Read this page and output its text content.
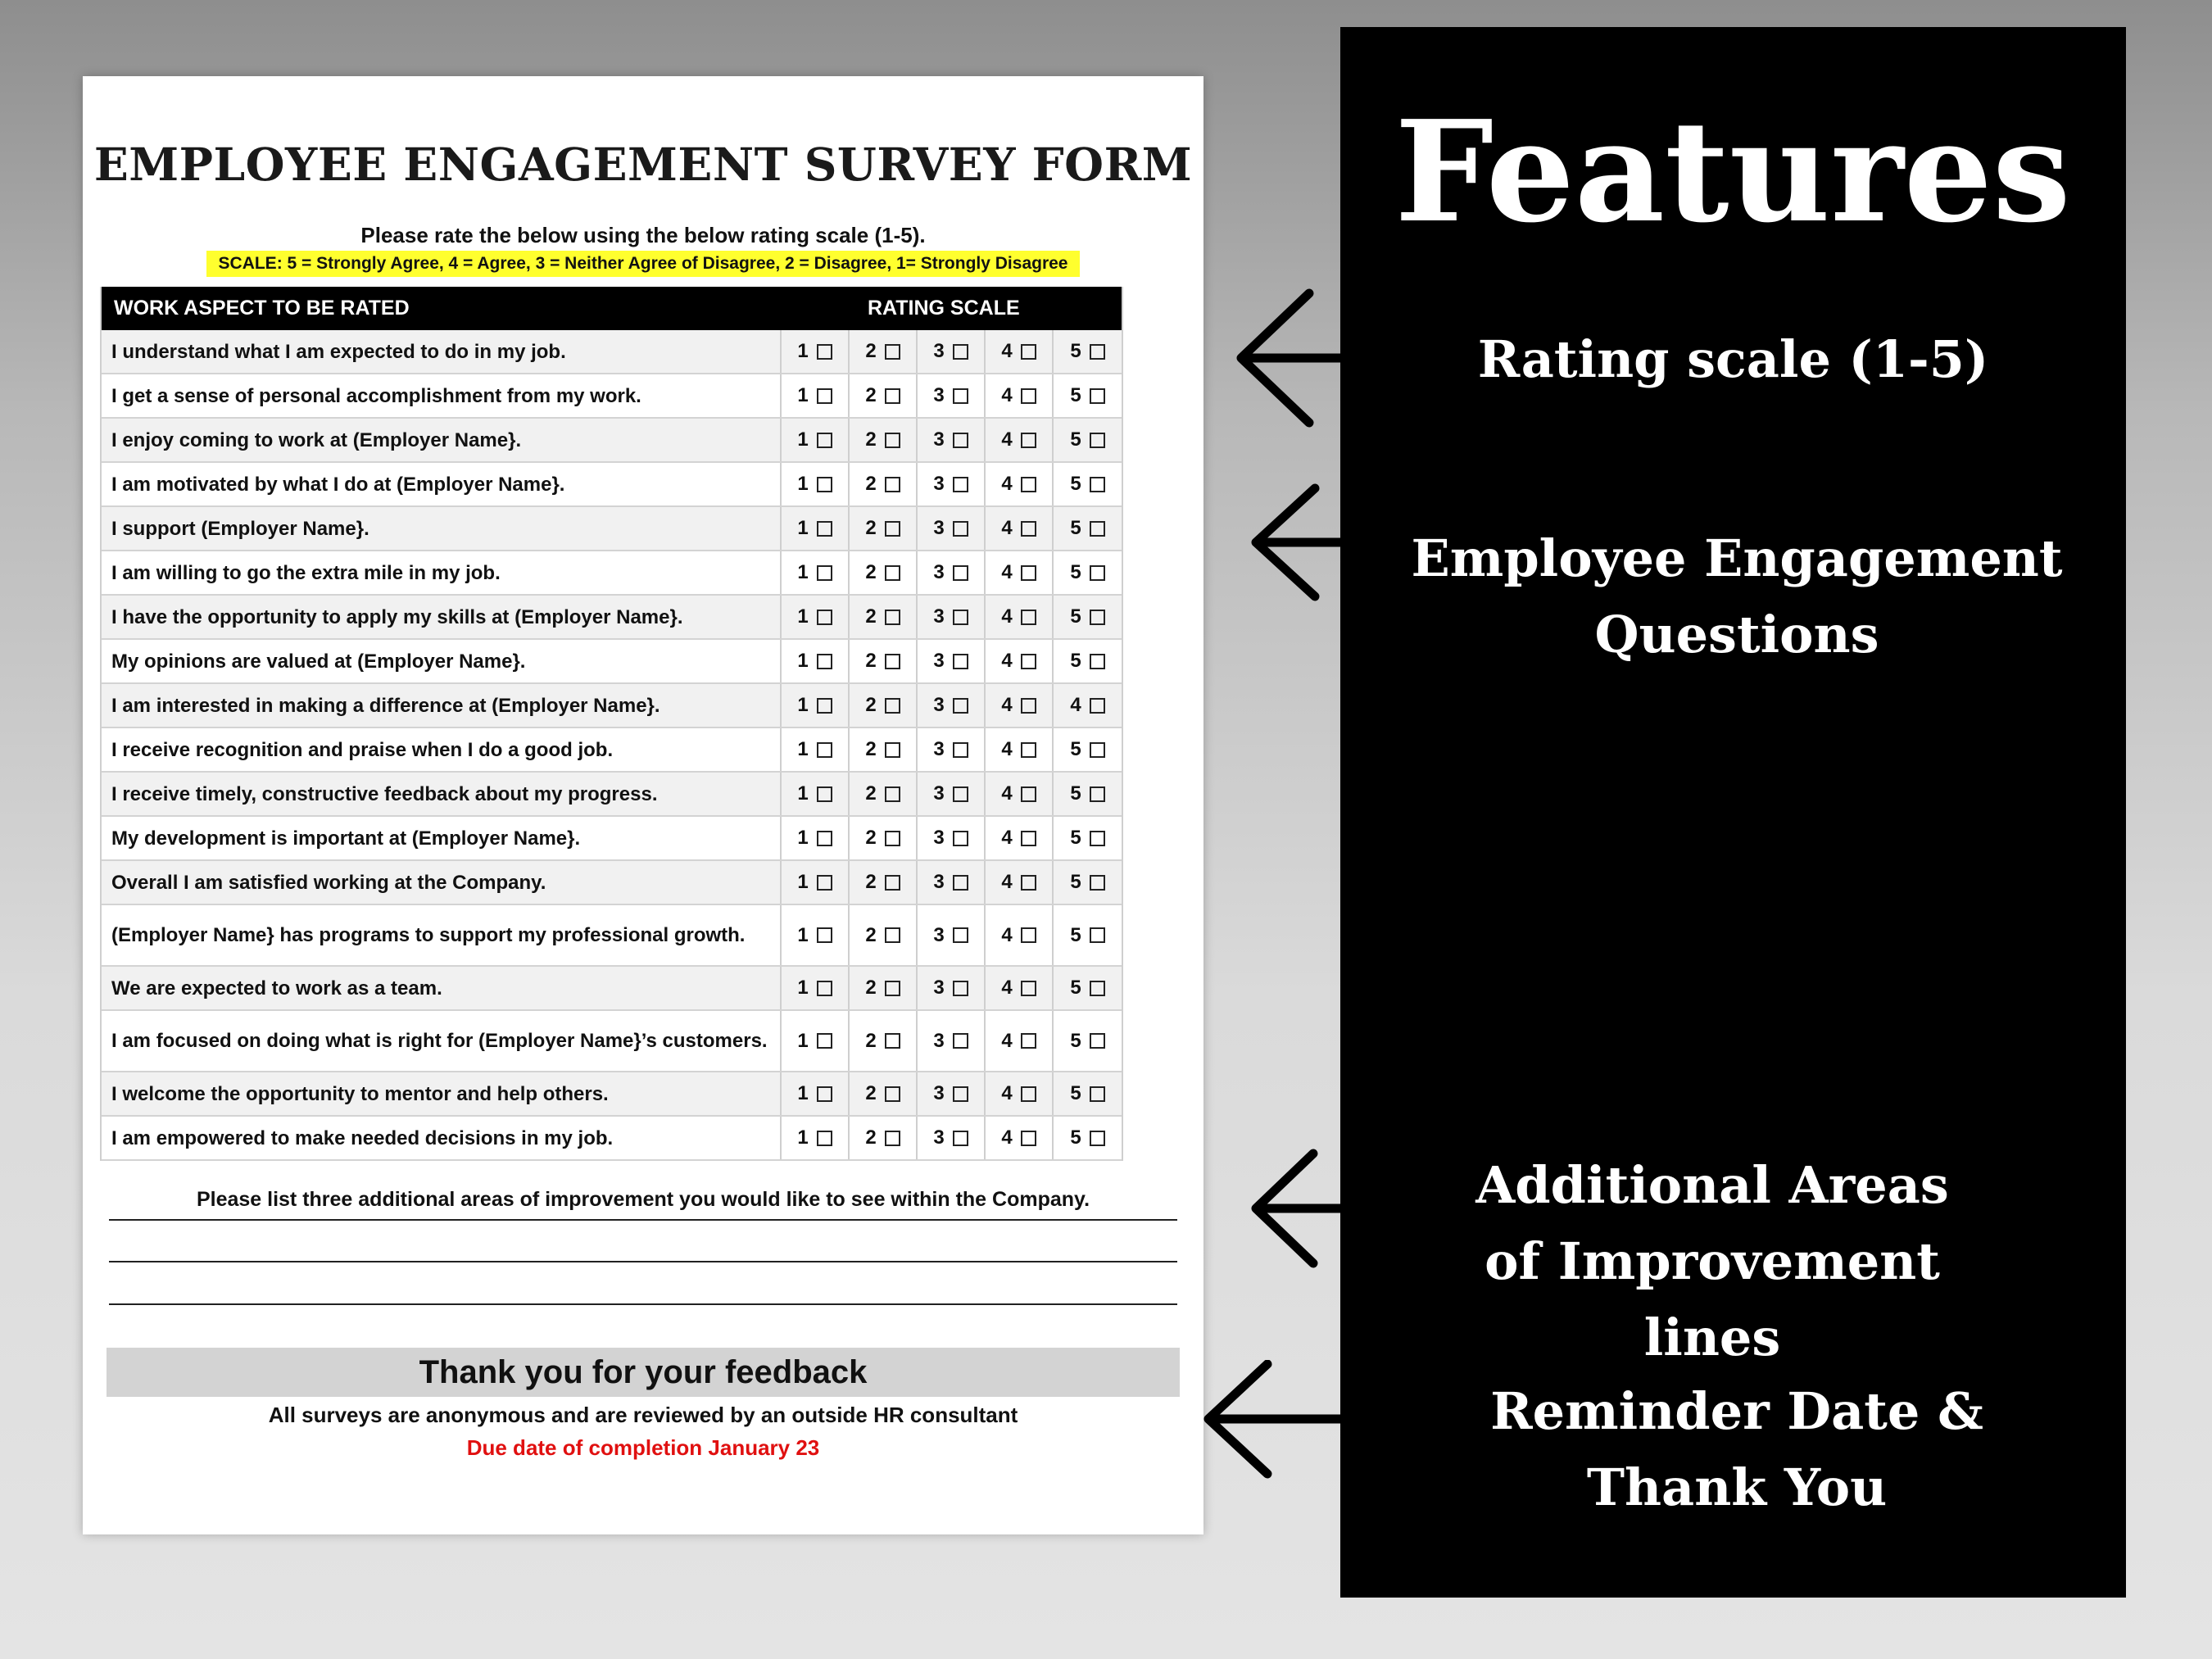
EMPLOYEE ENGAGEMENT SURVEY FORM
Please rate the below using the below rating scale (1-5).
SCALE: 5 = Strongly Agree, 4 = Agree, 3 = Neither Agree of Disagree, 2 = Disagree, 1= Strongly Disagree
WORK ASPECT TO BE RATED	RATING SCALE
I understand what I am expected to do in my job.	1	2	3	4	5
I get a sense of personal accomplishment from my work.	1	2	3	4	5
I enjoy coming to work at (Employer Name}.	1	2	3	4	5
I am motivated by what I do at (Employer Name}.	1	2	3	4	5
I support (Employer Name}.	1	2	3	4	5
I am willing to go the extra mile in my job.	1	2	3	4	5
I have the opportunity to apply my skills at (Employer Name}.	1	2	3	4	5
My opinions are valued at (Employer Name}.	1	2	3	4	5
I am interested in making a difference at (Employer Name}.	1	2	3	4	4
I receive recognition and praise when I do a good job.	1	2	3	4	5
I receive timely, constructive feedback about my progress.	1	2	3	4	5
My development is important at (Employer Name}.	1	2	3	4	5
Overall I am satisfied working at the Company.	1	2	3	4	5
(Employer Name} has programs to support my professional growth.	1	2	3	4	5
We are expected to work as a team.	1	2	3	4	5
I am focused on doing what is right for (Employer Name}’s customers.	1	2	3	4	5
I welcome the opportunity to mentor and help others.	1	2	3	4	5
I am empowered to make needed decisions in my job.	1	2	3	4	5
Please list three additional areas of improvement you would like to see within the Company.
Thank you for your feedback
All surveys are anonymous and are reviewed by an outside HR consultant
Due date of completion January 23
Features
Rating scale (1-5)
Employee Engagement Questions
Additional Areas of Improvement lines
Reminder Date & Thank You
